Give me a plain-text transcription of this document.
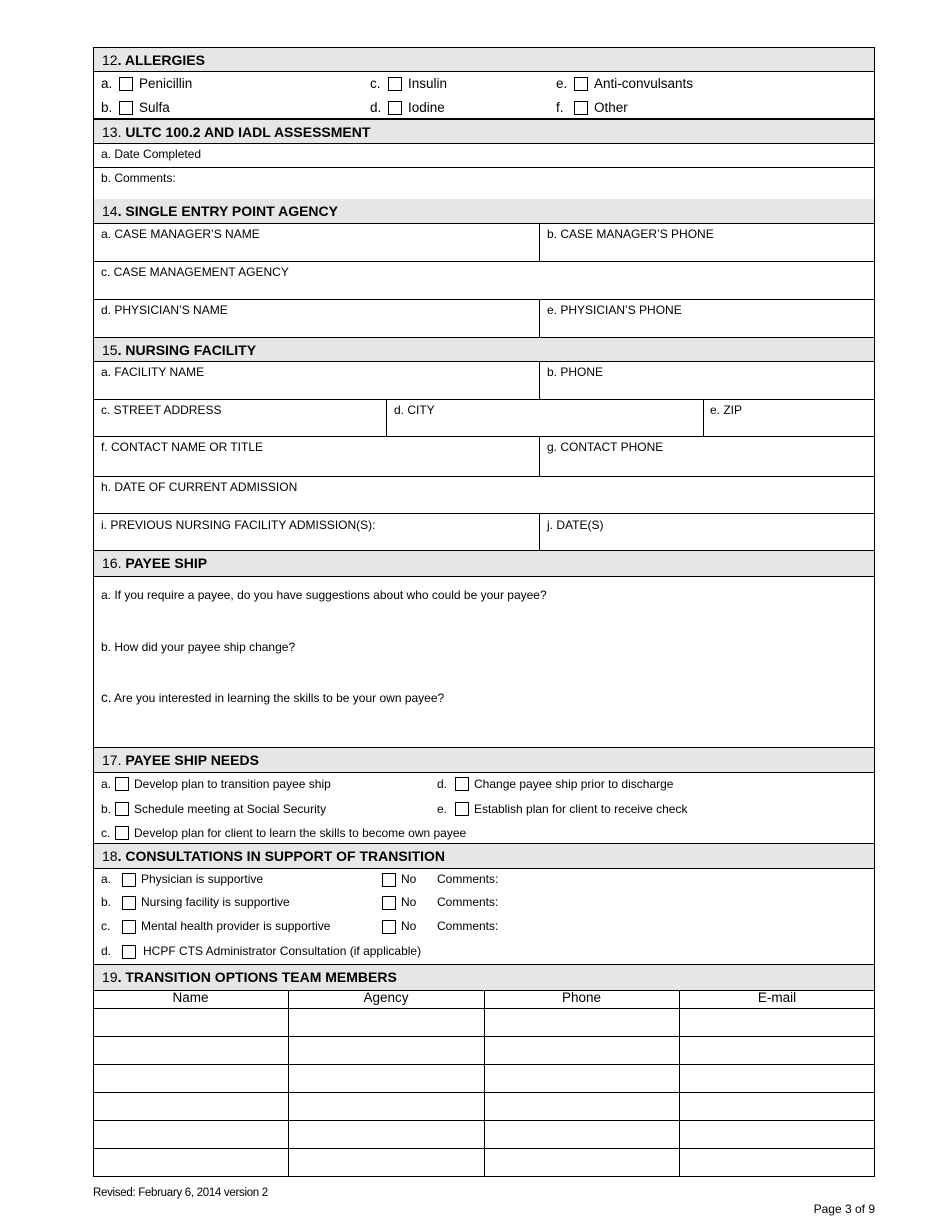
12. ALLERGIES
a. Penicillin	c. Insulin	e. Anti-convulsants
b. Sulfa	d. Iodine	f. Other
13. ULTC 100.2 AND IADL ASSESSMENT
a. Date Completed
b. Comments:
14. SINGLE ENTRY POINT AGENCY
a. CASE MANAGER’S NAME	b. CASE MANAGER’S PHONE
c. CASE MANAGEMENT AGENCY
d. PHYSICIAN’S NAME	e. PHYSICIAN’S PHONE
15. NURSING FACILITY
a. FACILITY NAME	b. PHONE
c. STREET ADDRESS	d. CITY	e. ZIP
f. CONTACT NAME OR TITLE	g. CONTACT PHONE
h. DATE OF CURRENT ADMISSION
i. PREVIOUS NURSING FACILITY ADMISSION(S):	j. DATE(S)
16. PAYEE SHIP
a. If you require a payee, do you have suggestions about who could be your payee?
b. How did your payee ship change?
c. Are you interested in learning the skills to be your own payee?
17. PAYEE SHIP NEEDS
a. Develop plan to transition payee ship	d. Change payee ship prior to discharge
b. Schedule meeting at Social Security	e. Establish plan for client to receive check
c. Develop plan for client to learn the skills to become own payee
18. CONSULTATIONS IN SUPPORT OF TRANSITION
a. Physician is supportive	No Comments:
b. Nursing facility is supportive	No Comments:
c.	Mental health provider is supportive	No Comments:
d.	HCPF CTS Administrator Consultation (if applicable)
19. TRANSITION OPTIONS TEAM MEMBERS
Name	Agency	Phone	E-mail
Revised: February 6, 2014 version 2
Page 3 of 9
